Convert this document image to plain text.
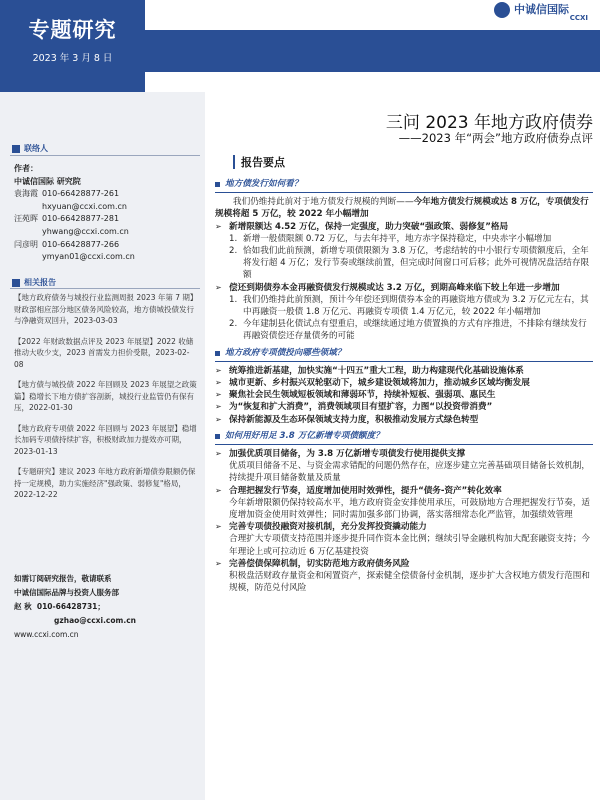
专题研究
2023 年 3 月 8 日
地方政府债与城投行业
中诚信国际
CCXI
联络人
作者：
中诚信国际 研究院
袁海霞 010-66428877-261
hxyuan@ccxi.com.cn
汪苑晖 010-66428877-281
yhwang@ccxi.com.cn
闫彦明 010-66428877-266
ymyan01@ccxi.com.cn
相关报告
【地方政府债务与城投行业监测周报 2023 年第 7 期】财政部相应部分地区债务风险较高，地方债城投债发行与净融资双回升，2023-03-03
【2022 年财政数据点评及 2023 年展望】2022 收储推动大收少支，2023 首需发力担价受限，2023-02-08
【地方债与城投债 2022 年回顾及 2023 年展望之政策篇】稳增长下地方债扩容剖新，城投行业监管仍有保有压，2022-01-30
【地方政府专项债 2022 年回顾与 2023 年展望】稳增长加码专项债持续扩容，积极财政加力提效亦可期，2023-01-13
【专题研究】建议 2023 年地方政府新增债券限额仍保持一定规模，助力实施经济"强政策、弱修复"格局，2022-12-22
如需订阅研究报告，敬请联系
中诚信国际品牌与投资人服务部
赵 秋 010-66428731；
gzhao@ccxi.com.cn
www.ccxi.com.cn
三问 2023 年地方政府债券
——2023 年“两会”地方政府债券点评
报告要点
地方债发行如何看？

我们仍维持此前对于地方债发行规模的判断——今年地方债发行规模或达 8 万亿，专项债发行规模将超 5 万亿，较 2022 年小幅增加

➢ 新增限额达 4.52 万亿，保持一定强度，助力突破“强政策、弱修复”格局
1. 新增一般债限额 0.72 万亿，与去年持平，地方赤字保持稳定，中央赤字小幅增加
2. 恰如我们此前预测，新增专项债限额为 3.8 万亿，考虑结转的中小银行专项债额度后，全年将发行超 4 万亿；发行节奏或继续前置，但完成时间窗口可后移；此外可视情况盘活结存限额
➢ 偿还到期债券本金再融资债发行规模或达 3.2 万亿，到期高峰来临下较上年进一步增加
1. 我们仍维持此前预测，预计今年偿还到期债券本金的再融资地方债或为 3.2 万亿元左右，其中再融资一般债 1.8 万亿元、再融资专项债 1.4 万亿元，较 2022 年小幅增加
2. 今年建制县化债试点有望重启，或继续通过地方债置换的方式有序推进，不排除有继续发行再融资债偿还存量债务的可能
地方政府专项债投向哪些领域？
➢ 统筹推进新基建，加快实施“十四五”重大工程，助力构建现代化基础设施体系
➢ 城市更新、乡村振兴双轮驱动下，城乡建设领域将加力，推动城乡区域均衡发展
➢ 聚焦社会民生领域短板领域和薄弱环节，持续补短板、强弱项、惠民生
➢ 为“恢复和扩大消费”，消费领域项目有望扩容，力图“以投资带消费”
➢ 保持新能源及生态环保领域支持力度，积极推动发展方式绿色转型
如何用好用足 3.8 万亿新增专项债额度？
➢ 加强优质项目储备，为 3.8 万亿新增专项债发行使用提供支撑
优质项目储备不足、与资金需求错配的问题仍然存在，应逐步建立完善基础项目储备长效机制，持续提升项目储备数量及质量
➢ 合理把握发行节奏，适度增加使用时效弹性，提升“债务-资产”转化效率
今年新增限额仍保持较高水平，地方政府资金安排使用承压，可鼓励地方合理把握发行节奏，适度增加资金使用时效弹性；同时需加强多部门协调，落实落细常态化严监管，加强绩效管理
➢ 完善专项债投融资对接机制，充分发挥投资撬动能力
合理扩大专项债支持范围并逐步提升同作资本金比例；继续引导金融机构加大配套融资支持；今年理论上或可拉动近 6 万亿基建投资
➢ 完善偿债保障机制，切实防范地方政府债务风险
积极盘活财政存量资金和闲置资产，探索健全偿债备付金机制，逐步扩大含权地方债发行范围和规模，防范兑付风险
